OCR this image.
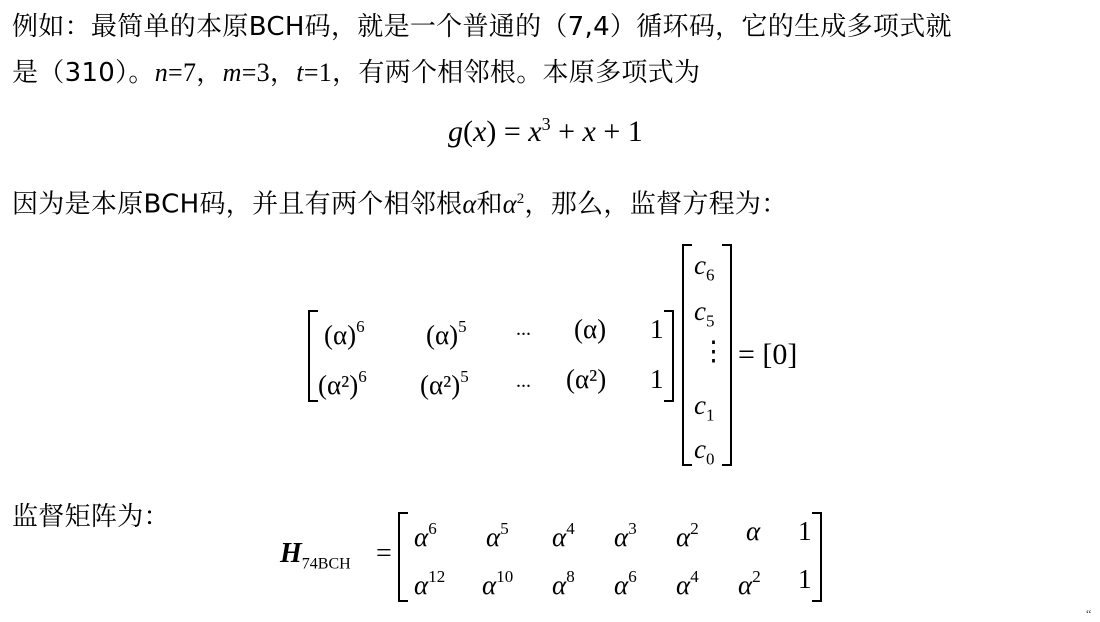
例如：最简单的本原BCH码，就是一个普通的（7,4）循环码，它的生成多项式就
是（310）。n=7，m=3，t=1，有两个相邻根。本原多项式为
$g(x) = x^3 + x + 1$
因为是本原BCH码，并且有两个相邻根α和$\alpha^2$，那么，监督方程为：
$(\alpha)^6$ $(\alpha)^5$ ... (α) 1
$(\alpha^2)^6$ $(\alpha^2)^5$ ... (α²) 1
$c_6$
$c_5$
⋮
$c_1$
$c_0$
= [0]
监督矩阵为：
$H_{74BCH}$ =
$\alpha^6$ $\alpha^5$ $\alpha^4$ $\alpha^3$ $\alpha^2$ α 1
$\alpha^{12}$ $\alpha^{10}$ $\alpha^8$ $\alpha^6$ $\alpha^4$ $\alpha^2$ 1
“
